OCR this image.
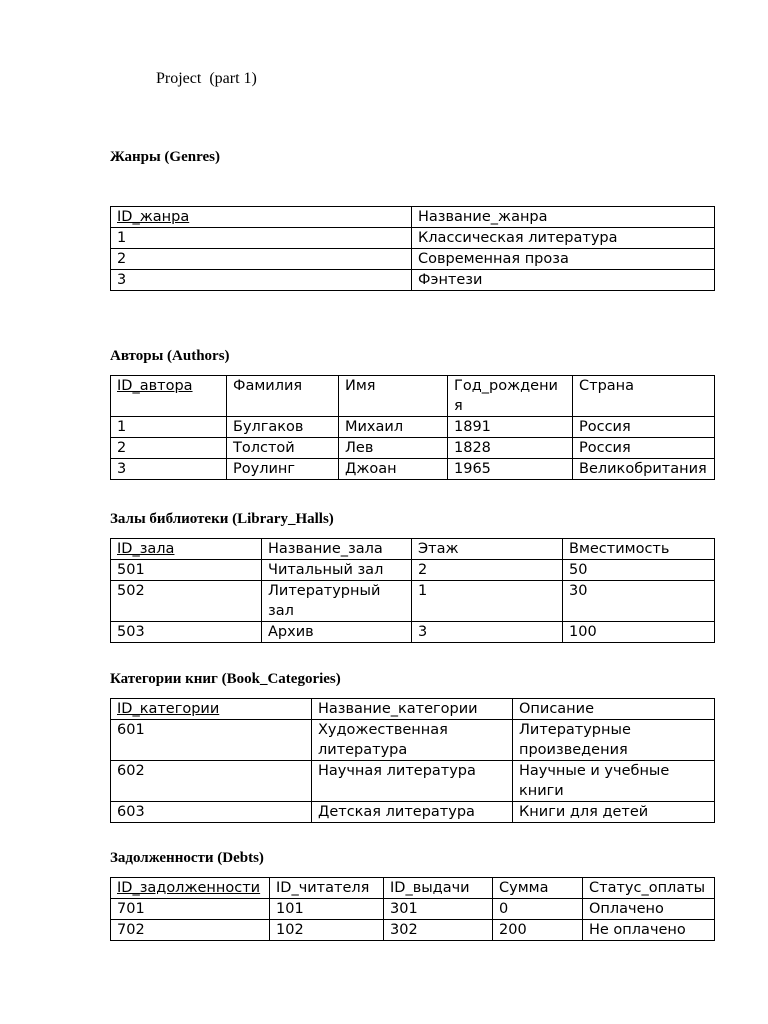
Project  (part 1)
Жанры (Genres)
ID_жанра	Название_жанра
1	Классическая литература
2	Современная проза
3	Фэнтези
Авторы (Authors)
ID_автора	Фамилия	Имя	Год_рождения	Страна
1	Булгаков	Михаил	1891	Россия
2	Толстой	Лев	1828	Россия
3	Роулинг	Джоан	1965	Великобритания
Залы библиотеки (Library_Halls)
ID_зала	Название_зала	Этаж	Вместимость
501	Читальный зал	2	50
502	Литературный зал	1	30
503	Архив	3	100
Категории книг (Book_Categories)
ID_категории	Название_категории	Описание
601	Художественная литература	Литературные произведения
602	Научная литература	Научные и учебные книги
603	Детская литература	Книги для детей
Задолженности (Debts)
ID_задолженности	ID_читателя	ID_выдачи	Сумма	Статус_оплаты
701	101	301	0	Оплачено
702	102	302	200	Не оплачено
